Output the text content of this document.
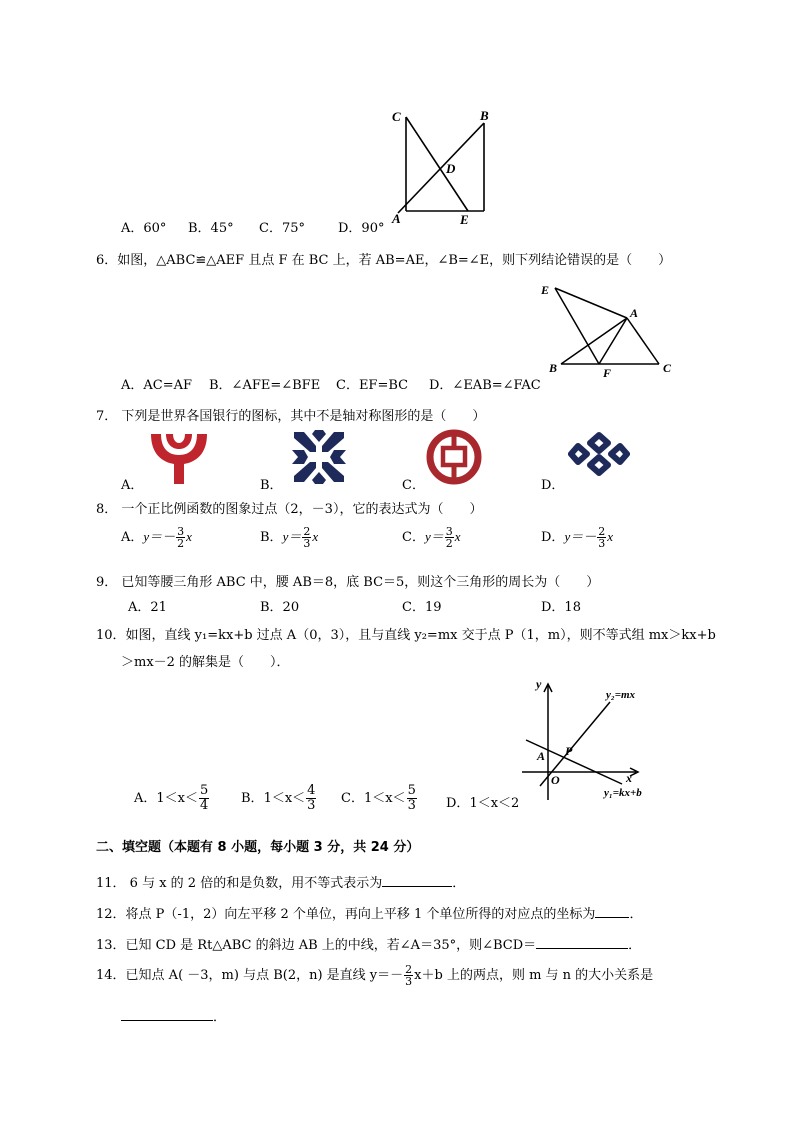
C	B
D
A	E
A．60° B．45° C．75°	D．90°
6．如图，△ABC≌△AEF 且点 F 在 BC 上，若 AB=AE，∠B=∠E，则下列结论错误的是（　　）
E
A
B	F	C
A．AC=AF B．∠AFE=∠BFE C．EF=BC D．∠EAB=∠FAC
7． 下列是世界各国银行的图标，其中不是轴对称图形的是（　　）
A．	B．	C．	D．
8． 一个正比例函数的图象过点（2，－3），它的表达式为（　　）
A．$y=- \frac{3}{2}$ x	B．$y= \frac{2}{3}$ x	C．$y= \frac{3}{2}$ x	D．$y=- \frac{2}{3}$ x
9． 已知等腰三角形 ABC 中，腰 AB＝8，底 BC＝5，则这个三角形的周长为（　　）
A．21	B．20	C．19	D．18
10．如图，直线 y₁=kx+b 过点 A（0，3），且与直线 y₂=mx 交于点 P（1，m），则不等式组 mx＞kx+b
＞mx－2 的解集是（　　）．
y
x
y₂=mx
y₁=kx+b
A P
O
A．$1<x< \frac{5}{4}$ B．$1<x< \frac{4}{3}$ C．$1<x< \frac{5}{3}$ D．1＜x＜2
二、填空题（本题有 8 小题，每小题 3 分，共 24 分）
11． 6 与 x 的 2 倍的和是负数，用不等式表示为	．
12．将点 P（-1，2）向左平移 2 个单位，再向上平移 1 个单位所得的对应点的坐标为	．
13．已知 CD 是 Rt△ABC 的斜边 AB 上的中线，若∠A＝35°，则∠BCD＝	．
14．已知点 A( －3，m) 与点 B(2，n) 是直线 $y=- \frac{2}{3} x+b$ 上的两点，则 m 与 n 的大小关系是
．
